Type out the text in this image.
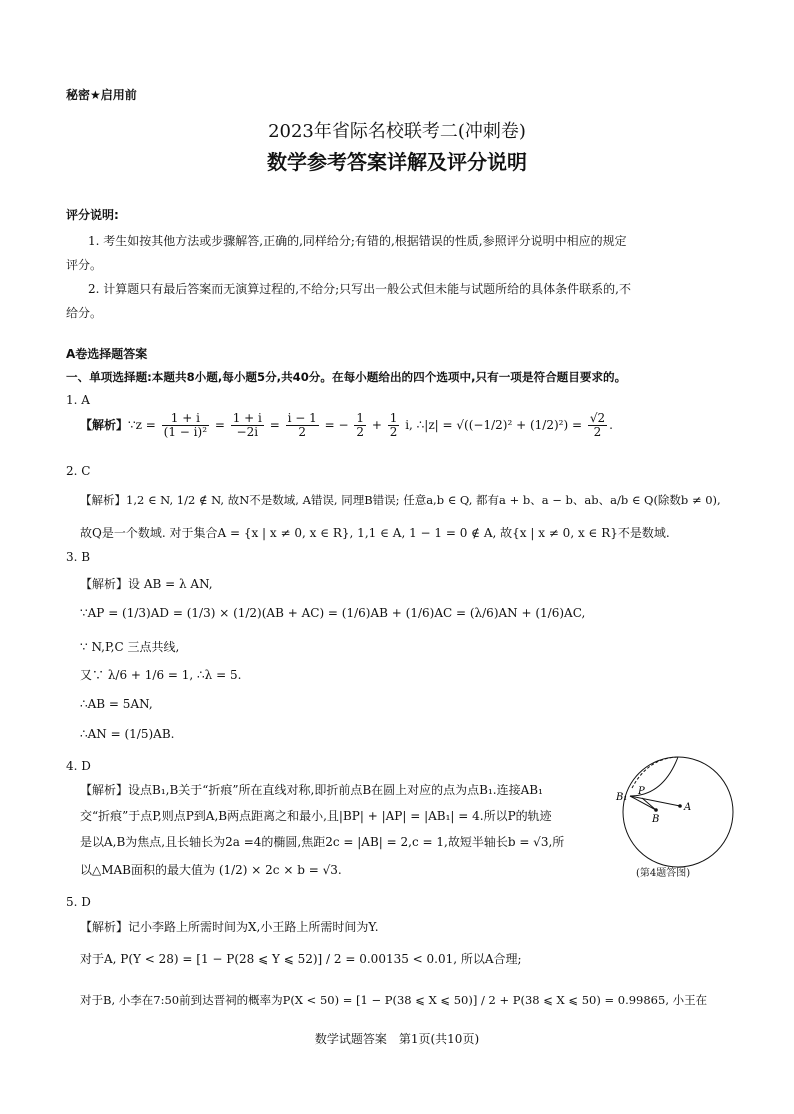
秘密★启用前
2023年省际名校联考二(冲刺卷)
数学参考答案详解及评分说明
评分说明:
1. 考生如按其他方法或步骤解答,正确的,同样给分;有错的,根据错误的性质,参照评分说明中相应的规定
评分。
2. 计算题只有最后答案而无演算过程的,不给分;只写出一般公式但未能与试题所给的具体条件联系的,不
给分。
A卷选择题答案
一、单项选择题:本题共8小题,每小题5分,共40分。在每小题给出的四个选项中,只有一项是符合题目要求的。
1. A
【解析】∵z = $\frac{1 + i}{\text{(1 − i)²}} = \frac{1 + i}{-2i} = \frac{i - 1}{2}$ = − $\frac{1}{2} + \frac{1}{2} i$, ∴|z| = $√((-1/2)^2 + (1/2)^2) = \frac{√2}{2}$ .
2. C
【解析】1,2 ∈ N, 1/2 ∉ N, 故N不是数域, A错误, 同理B错误; 任意a,b ∈ Q, 都有a + b、a − b、ab、a/b ∈ Q(除数b ≠ 0),
故Q是一个数域. 对于集合A = {x | x ≠ 0, x ∈ R}, 1,1 ∈ A, 1 − 1 = 0 ∉ A, 故{x | x ≠ 0, x ∈ R}不是数域.
3. B
【解析】设 AB = λ AN,
∵AP = (1/3)AD = (1/3) × (1/2)(AB + AC) = (1/6)AB + (1/6)AC = (λ/6)AN + (1/6)AC,
∵ N,P,C 三点共线,
又∵ λ/6 + 1/6 = 1, ∴λ = 5.
∴AB = 5AN,
∴AN = (1/5)AB.
4. D
【解析】设点B₁,B关于“折痕”所在直线对称,即折前点B在圆上对应的点为点B₁.连接AB₁
交“折痕”于点P,则点P到A,B两点距离之和最小,且|BP| + |AP| = |AB₁| = 4.所以P的轨迹
是以A,B为焦点,且长轴长为2a =4的椭圆,焦距2c = |AB| = 2,c = 1,故短半轴长b = √3,所
以△MAB面积的最大值为 (1/2) × 2c × b = √3.
B₁
P
A
B
(第4题答图)
5. D
【解析】记小李路上所需时间为X,小王路上所需时间为Y.
对于A, P(Y < 28) = [1 − P(28 ⩽ Y ⩽ 52)] / 2 = 0.00135 < 0.01, 所以A合理;
对于B, 小李在7:50前到达晋祠的概率为P(X < 50) = [1 − P(38 ⩽ X ⩽ 50)] / 2 + P(38 ⩽ X ⩽ 50) = 0.99865, 小王在
数学试题答案　第1页(共10页)
